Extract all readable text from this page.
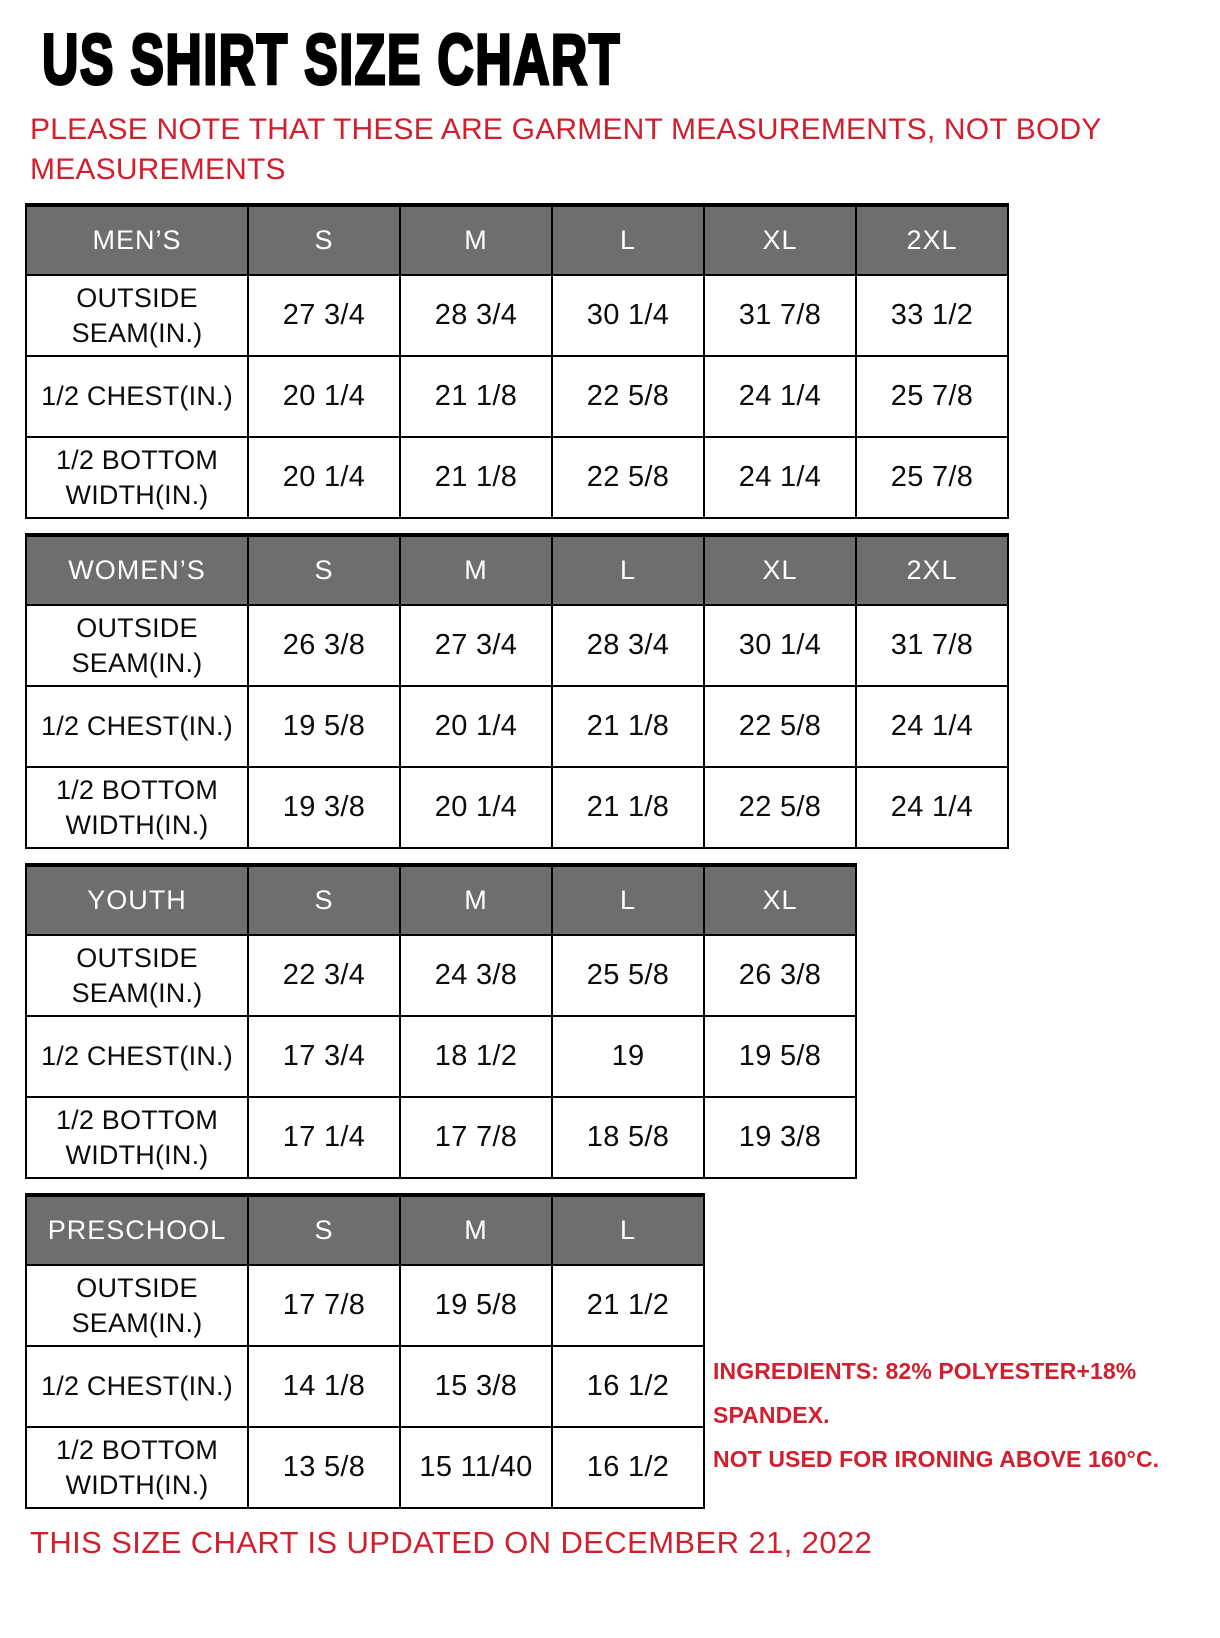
US SHIRT SIZE CHART
PLEASE NOTE THAT THESE ARE GARMENT MEASUREMENTS, NOT BODY MEASUREMENTS
MEN’S	S	M	L	XL	2XL
OUTSIDE SEAM(IN.)	27 3/4	28 3/4	30 1/4	31 7/8	33 1/2
1/2 CHEST(IN.)	20 1/4	21 1/8	22 5/8	24 1/4	25 7/8
1/2 BOTTOM WIDTH(IN.)	20 1/4	21 1/8	22 5/8	24 1/4	25 7/8
WOMEN’S	S	M	L	XL	2XL
OUTSIDE SEAM(IN.)	26 3/8	27 3/4	28 3/4	30 1/4	31 7/8
1/2 CHEST(IN.)	19 5/8	20 1/4	21 1/8	22 5/8	24 1/4
1/2 BOTTOM WIDTH(IN.)	19 3/8	20 1/4	21 1/8	22 5/8	24 1/4
YOUTH	S	M	L	XL
OUTSIDE SEAM(IN.)	22 3/4	24 3/8	25 5/8	26 3/8
1/2 CHEST(IN.)	17 3/4	18 1/2	19	19 5/8
1/2 BOTTOM WIDTH(IN.)	17 1/4	17 7/8	18 5/8	19 3/8
PRESCHOOL	S	M	L
OUTSIDE SEAM(IN.)	17 7/8	19 5/8	21 1/2
1/2 CHEST(IN.)	14 1/8	15 3/8	16 1/2
1/2 BOTTOM WIDTH(IN.)	13 5/8	15 11/40	16 1/2
INGREDIENTS: 82% POLYESTER+18% SPANDEX.
NOT USED FOR IRONING ABOVE 160°C.
THIS SIZE CHART IS UPDATED ON DECEMBER 21, 2022
